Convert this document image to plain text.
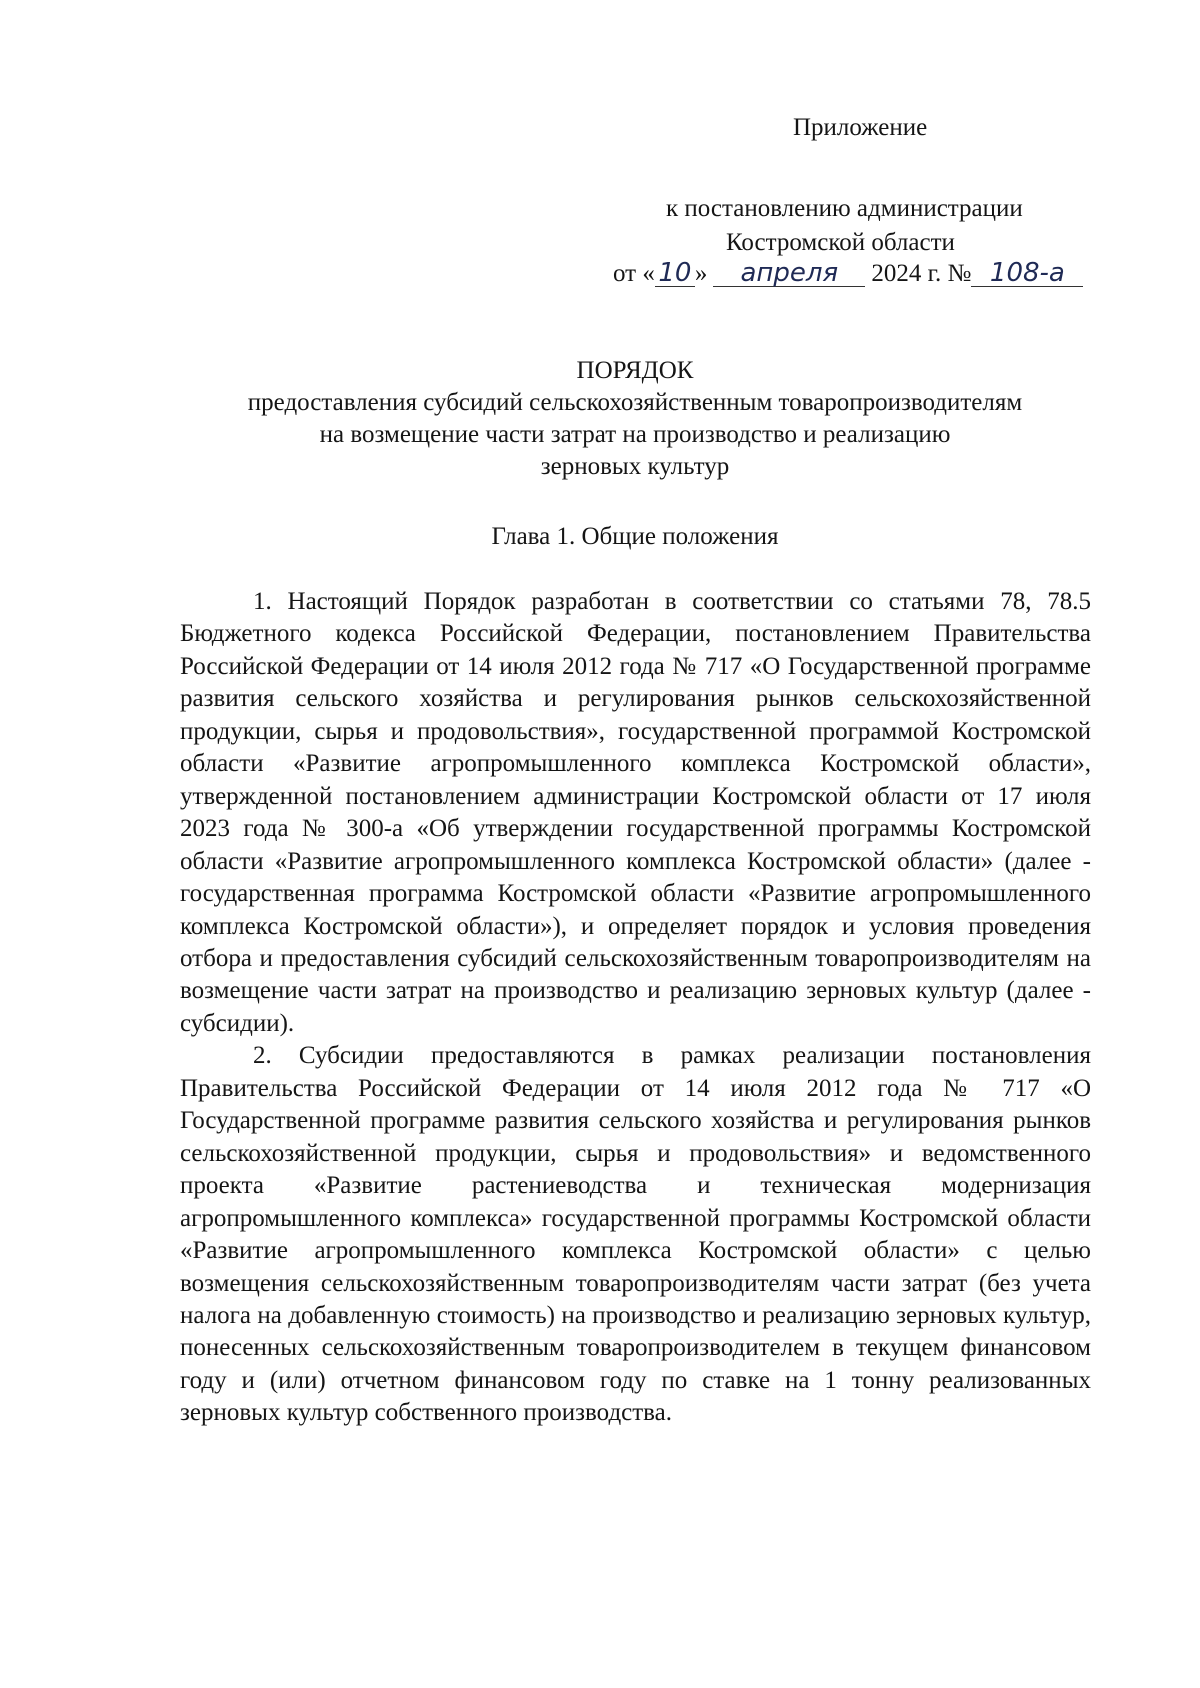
Приложение
к постановлению администрации
Костромской области
от « 10 » апреля 2024 г. № 108-а
ПОРЯДОК
предоставления субсидий сельскохозяйственным товаропроизводителям
на возмещение части затрат на производство и реализацию
зерновых культур
Глава 1. Общие положения

1. Настоящий Порядок разработан в соответствии со статьями 78, 78.5 Бюджетного кодекса Российской Федерации, постановлением Правительства Российской Федерации от 14 июля 2012 года № 717 «О Государственной программе развития сельского хозяйства и регулирования рынков сельскохозяйственной продукции, сырья и продовольствия», государственной программой Костромской области «Развитие агропромышленного комплекса Костромской области», утвержденной постановлением администрации Костромской области от 17 июля 2023 года № 300-а «Об утверждении государственной программы Костромской области «Развитие агропромышленного комплекса Костромской области» (далее - государственная программа Костромской области «Развитие агропромышленного комплекса Костромской области»), и определяет порядок и условия проведения отбора и предоставления субсидий сельскохозяйственным товаропроизводителям на возмещение части затрат на производство и реализацию зерновых культур (далее - субсидии).

2. Субсидии предоставляются в рамках реализации постановления Правительства Российской Федерации от 14 июля 2012 года № 717 «О Государственной программе развития сельского хозяйства и регулирования рынков сельскохозяйственной продукции, сырья и продовольствия» и ведомственного проекта «Развитие растениеводства и техническая модернизация агропромышленного комплекса» государственной программы Костромской области «Развитие агропромышленного комплекса Костромской области» с целью возмещения сельскохозяйственным товаропроизводителям части затрат (без учета налога на добавленную стоимость) на производство и реализацию зерновых культур, понесенных сельскохозяйственным товаропроизводителем в текущем финансовом году и (или) отчетном финансовом году по ставке на 1 тонну реализованных зерновых культур собственного производства.
